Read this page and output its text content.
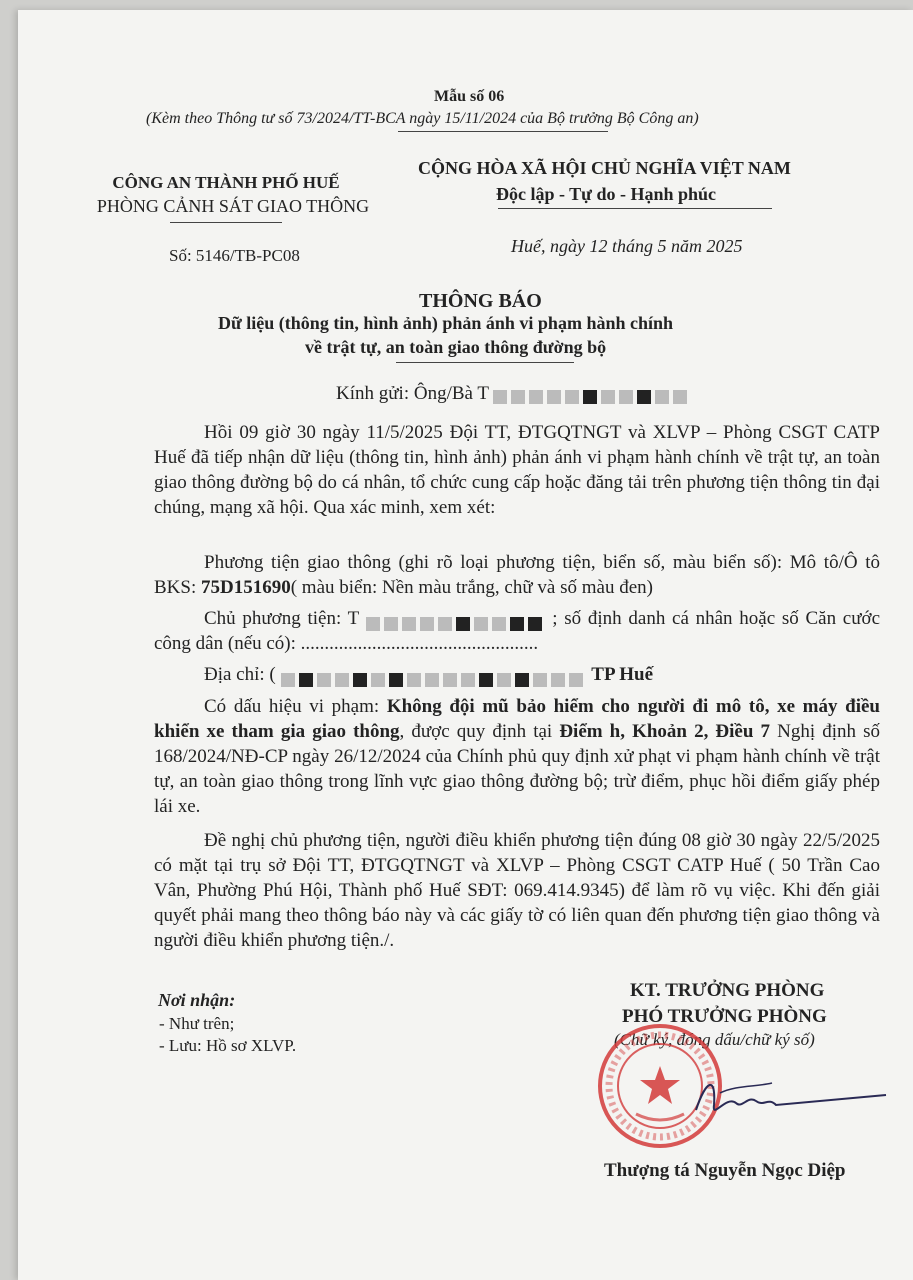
Mẫu số 06
(Kèm theo Thông tư số 73/2024/TT-BCA ngày 15/11/2024 của Bộ trưởng Bộ Công an)
CÔNG AN THÀNH PHỐ HUẾ
PHÒNG CẢNH SÁT GIAO THÔNG
Số: 5146/TB-PC08
CỘNG HÒA XÃ HỘI CHỦ NGHĨA VIỆT NAM
Độc lập - Tự do - Hạnh phúc
Huế, ngày 12 tháng 5 năm 2025
THÔNG BÁO
Dữ liệu (thông tin, hình ảnh) phản ánh vi phạm hành chính
về trật tự, an toàn giao thông đường bộ
Kính gửi: Ông/Bà T
Hồi 09 giờ 30 ngày 11/5/2025 Đội TT, ĐTGQTNGT và XLVP – Phòng CSGT CATP Huế đã tiếp nhận dữ liệu (thông tin, hình ảnh) phản ánh vi phạm hành chính về trật tự, an toàn giao thông đường bộ do cá nhân, tổ chức cung cấp hoặc đăng tải trên phương tiện thông tin đại chúng, mạng xã hội. Qua xác minh, xem xét:
Phương tiện giao thông (ghi rõ loại phương tiện, biển số, màu biển số): Mô tô/Ô tô BKS: 75D151690( màu biển: Nền màu trắng, chữ và số màu đen)
Chủ phương tiện: T	; số định danh cá nhân hoặc số Căn cước công dân (nếu có): ..................................................
Địa chỉ: (	TP Huế
Có dấu hiệu vi phạm: Không đội mũ bảo hiểm cho người đi mô tô, xe máy điều khiển xe tham gia giao thông, được quy định tại Điểm h, Khoản 2, Điều 7 Nghị định số 168/2024/NĐ-CP ngày 26/12/2024 của Chính phủ quy định xử phạt vi phạm hành chính về trật tự, an toàn giao thông trong lĩnh vực giao thông đường bộ; trừ điểm, phục hồi điểm giấy phép lái xe.
Đề nghị chủ phương tiện, người điều khiển phương tiện đúng 08 giờ 30 ngày 22/5/2025 có mặt tại trụ sở Đội TT, ĐTGQTNGT và XLVP – Phòng CSGT CATP Huế ( 50 Trần Cao Vân, Phường Phú Hội, Thành phố Huế SĐT: 069.414.9345) để làm rõ vụ việc. Khi đến giải quyết phải mang theo thông báo này và các giấy tờ có liên quan đến phương tiện giao thông và người điều khiển phương tiện./.
Nơi nhận:
- Như trên;
- Lưu: Hồ sơ XLVP.
KT. TRƯỞNG PHÒNG
PHÓ TRƯỞNG PHÒNG
(Chữ ký, đóng dấu/chữ ký số)
Thượng tá Nguyễn Ngọc Diệp
